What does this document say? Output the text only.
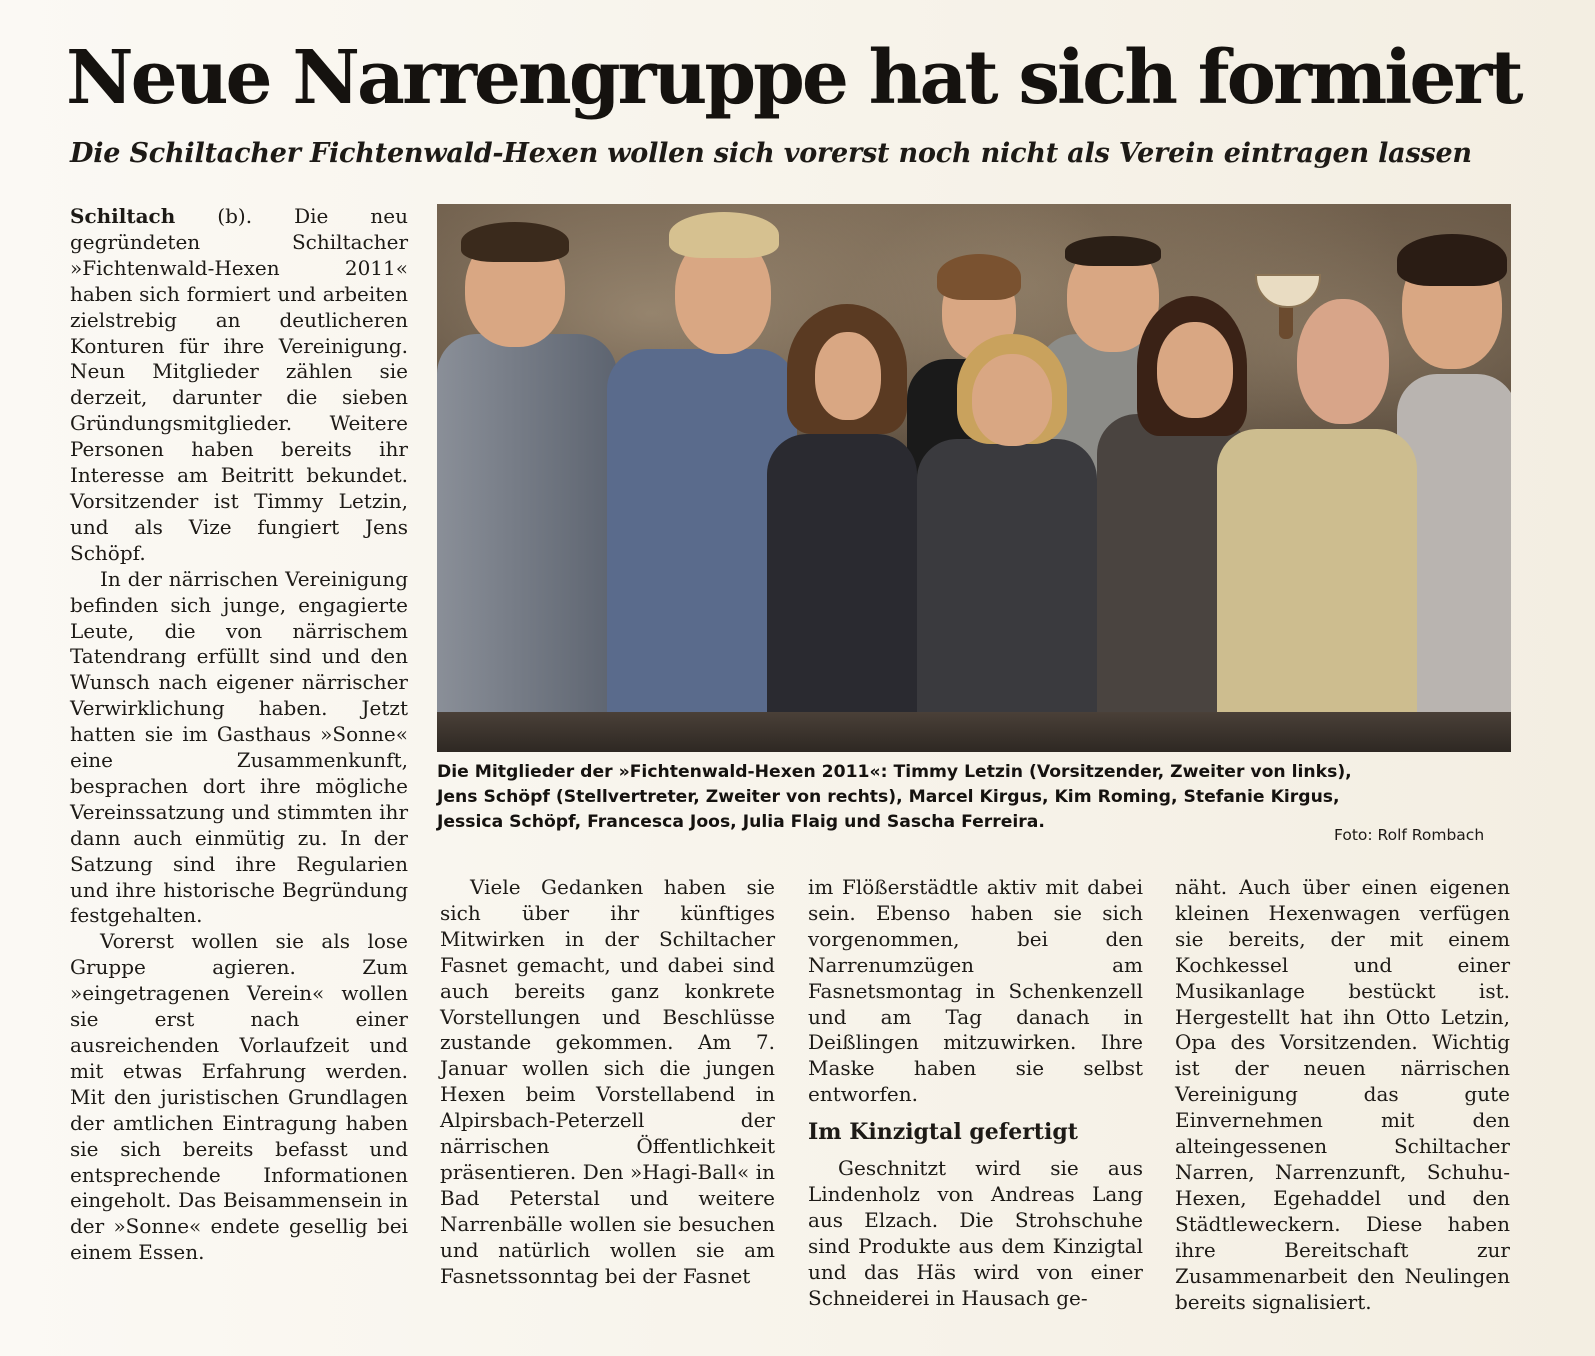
Neue Narrengruppe hat sich formiert
Die Schiltacher Fichtenwald-Hexen wollen sich vorerst noch nicht als Verein eintragen lassen

Schiltach (b). Die neu gegründeten Schiltacher »Fichtenwald-Hexen 2011« haben sich formiert und arbeiten zielstrebig an deutlicheren Konturen für ihre Vereinigung. Neun Mitglieder zählen sie derzeit, darunter die sieben Gründungsmitglieder. Weitere Personen haben bereits ihr Interesse am Beitritt bekundet. Vorsitzender ist Timmy Letzin, und als Vize fungiert Jens Schöpf.

In der närrischen Vereinigung befinden sich junge, engagierte Leute, die von närrischem Tatendrang erfüllt sind und den Wunsch nach eigener närrischer Verwirklichung haben. Jetzt hatten sie im Gasthaus »Sonne« eine Zusammenkunft, besprachen dort ihre mögliche Vereinssatzung und stimmten ihr dann auch einmütig zu. In der Satzung sind ihre Regularien und ihre historische Begründung festgehalten.

Vorerst wollen sie als lose Gruppe agieren. Zum »eingetragenen Verein« wollen sie erst nach einer ausreichenden Vorlaufzeit und mit etwas Erfahrung werden. Mit den juristischen Grundlagen der amtlichen Eintragung haben sie sich bereits befasst und entsprechende Informationen eingeholt. Das Beisammensein in der »Sonne« endete gesellig bei einem Essen.

Die Mitglieder der »Fichtenwald-Hexen 2011«: Timmy Letzin (Vorsitzender, Zweiter von links),
Jens Schöpf (Stellvertreter, Zweiter von rechts), Marcel Kirgus, Kim Roming, Stefanie Kirgus,
Jessica Schöpf, Francesca Joos, Julia Flaig und Sascha Ferreira.
Foto: Rolf Rombach

Viele Gedanken haben sie sich über ihr künftiges Mitwirken in der Schiltacher Fasnet gemacht, und dabei sind auch bereits ganz konkrete Vorstellungen und Beschlüsse zustande gekommen. Am 7. Januar wollen sich die jungen Hexen beim Vorstellabend in Alpirsbach-Peterzell der närrischen Öffentlichkeit präsentieren. Den »Hagi-Ball« in Bad Peterstal und weitere Narrenbälle wollen sie besuchen und natürlich wollen sie am Fasnetssonntag bei der Fasnet

im Flößerstädtle aktiv mit dabei sein. Ebenso haben sie sich vorgenommen, bei den Narrenumzügen am Fasnetsmontag in Schenkenzell und am Tag danach in Deißlingen mitzuwirken. Ihre Maske haben sie selbst entworfen.

Im Kinzigtal gefertigt

Geschnitzt wird sie aus Lindenholz von Andreas Lang aus Elzach. Die Strohschuhe sind Produkte aus dem Kinzigtal und das Häs wird von einer Schneiderei in Hausach ge-

näht. Auch über einen eigenen kleinen Hexenwagen verfügen sie bereits, der mit einem Kochkessel und einer Musikanlage bestückt ist. Hergestellt hat ihn Otto Letzin, Opa des Vorsitzenden. Wichtig ist der neuen närrischen Vereinigung das gute Einvernehmen mit den alteingessenen Schiltacher Narren, Narrenzunft, Schuhu-Hexen, Egehaddel und den Städtleweckern. Diese haben ihre Bereitschaft zur Zusammenarbeit den Neulingen bereits signalisiert.
